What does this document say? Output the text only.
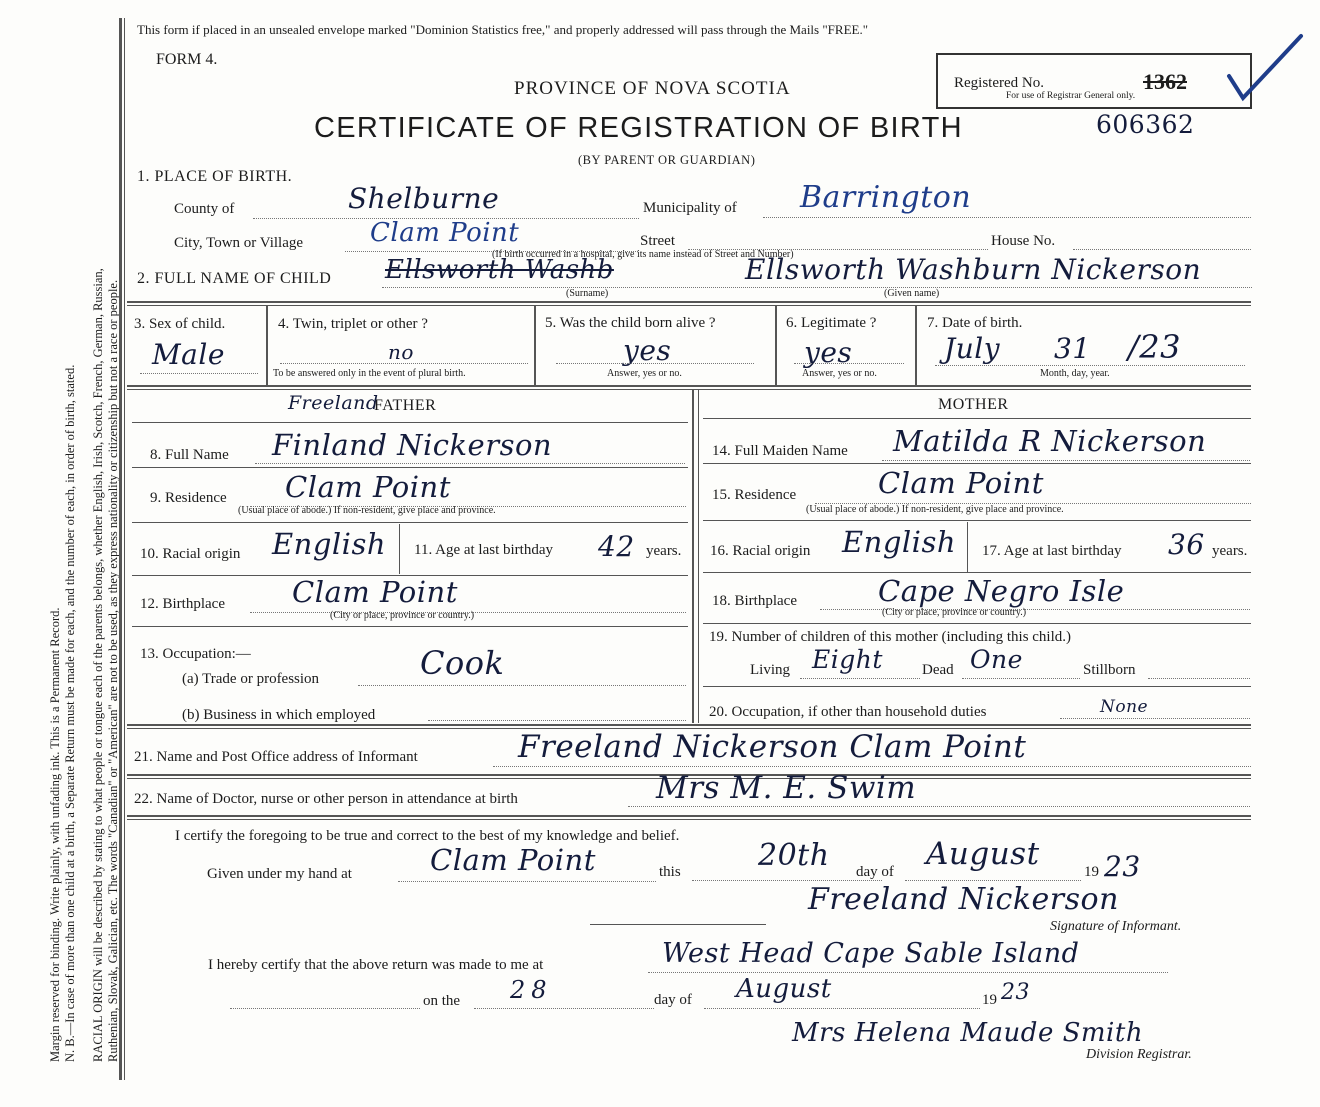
Margin reserved for binding. Write plainly, with unfading ink. This is a Permanent Record. N. B.—In case of more than one child at a birth, a Separate Return must be made for each, and the number of each, in order of birth, stated. RACIAL ORIGIN will be described by stating to what people or tongue each of the parents belongs, whether English, Irish, Scotch, French, German, Russian, Ruthenian, Slovak, Galician, etc. The words "Canadian" or "American" are not to be used, as they express nationality or citizenship but not a race or people.
This form if placed in an unsealed envelope marked "Dominion Statistics free," and properly addressed will pass through the Mails "FREE."
FORM 4.
PROVINCE OF NOVA SCOTIA
CERTIFICATE OF REGISTRATION OF BIRTH
(BY PARENT OR GUARDIAN)
606362
Registered No.	1362
For use of Registrar General only.
1. PLACE OF BIRTH.
County of	Shelburne	Municipality of Barrington
City, Town or Village	Clam Point	Street
(If birth occurred in a hospital, give its name instead of Street and Number)
House No.
2. FULL NAME OF CHILD Ellsworth Washb	Ellsworth Washburn Nickerson
(Surname)	(Given name)
3. Sex of child.
Male
4. Twin, triplet or other ?
no
To be answered only in the event of plural birth.
5. Was the child born alive ?
yes
Answer, yes or no.
6. Legitimate ?
yes
Answer, yes or no.
7. Date of birth.
July 31 /23
Month, day, year.
FATHER	MOTHER
8. Full Name
Freeland
Finland Nickerson
9. Residence Clam Point
(Usual place of abode.) If non-resident, give place and province.
10. Racial origin English 11. Age at last birthday 42 years.
12. Birthplace Clam Point
(City or place, province or country.)
13. Occupation:—
(a) Trade or profession	Cook
(b) Business in which employed
14. Full Maiden Name Matilda R Nickerson
15. Residence	Clam Point
(Usual place of abode.) If non-resident, give place and province.
16. Racial origin English 17. Age at last birthday 36 years.
18. Birthplace	Cape Negro Isle
(City or place, province or country.)
19. Number of children of this mother (including this child.)
Living Eight	Dead One	Stillborn
20. Occupation, if other than household duties	None
21. Name and Post Office address of Informant	Freeland Nickerson Clam Point
22. Name of Doctor, nurse or other person in attendance at birth	Mrs M. E. Swim
I certify the foregoing to be true and correct to the best of my knowledge and belief.
Given under my hand at	Clam Point	this	20th day of August	19 23
Freeland Nickerson
Signature of Informant.
I hereby certify that the above return was made to me at	West Head Cape Sable Island
on the 28	day of August	19 23
Mrs Helena Maude Smith
Division Registrar.
